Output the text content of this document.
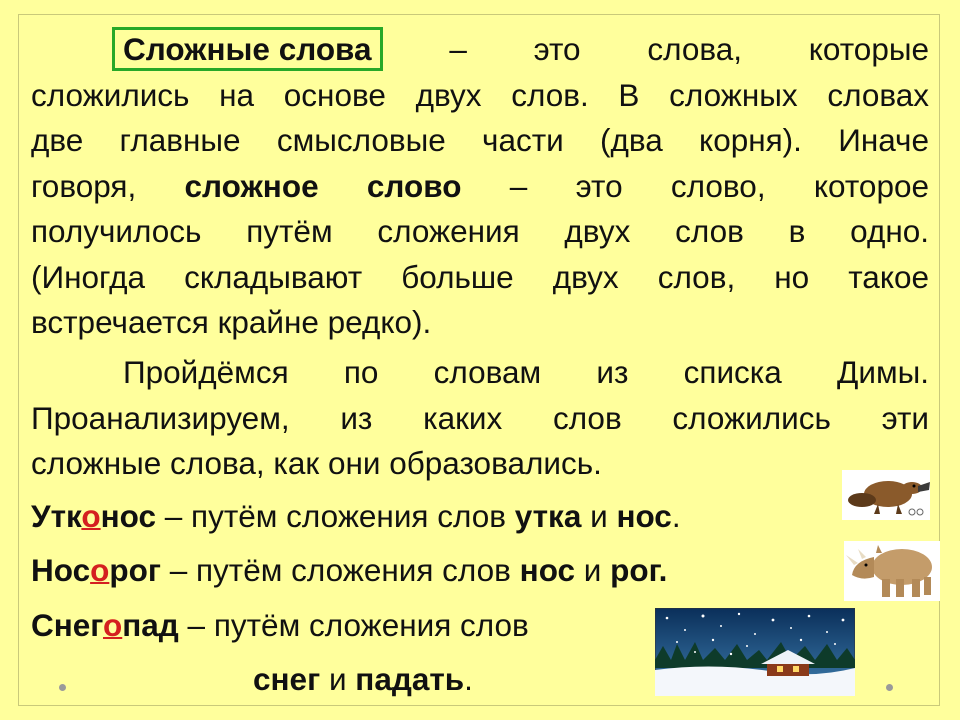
Сложные слова – это слова, которые
сложились на основе двух слов. В сложных словах
две главные смысловые части (два корня). Иначе
говоря, сложное слово – это слово, которое
получилось путём сложения двух слов в одно.
(Иногда складывают больше двух слов, но такое
встречается крайне редко).
Пройдёмся по словам из списка Димы.
Проанализируем, из каких слов сложились эти
сложные слова, как они образовались.
Утконос – путём сложения слов утка и нос.
Носорог – путём сложения слов нос и рог.
Снегопад – путём сложения слов
снег и падать.
